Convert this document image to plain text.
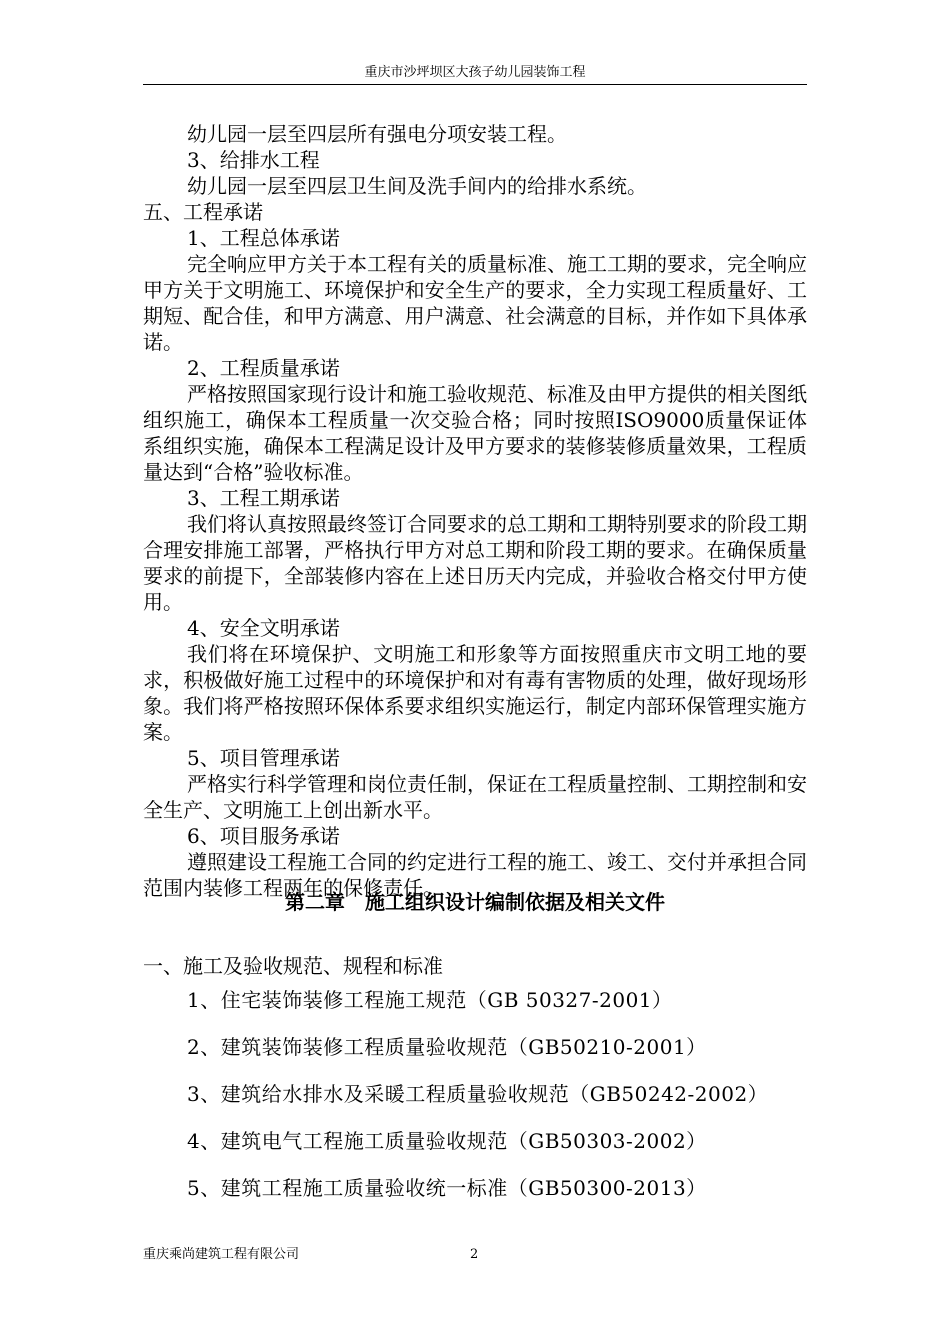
重庆市沙坪坝区大孩子幼儿园装饰工程

幼儿园一层至四层所有强电分项安装工程。

3、给排水工程

幼儿园一层至四层卫生间及洗手间内的给排水系统。

五、工程承诺

1、工程总体承诺

完全响应甲方关于本工程有关的质量标准、施工工期的要求，完全响应甲方关于文明施工、环境保护和安全生产的要求，全力实现工程质量好、工期短、配合佳，和甲方满意、用户满意、社会满意的目标，并作如下具体承诺。

2、工程质量承诺

严格按照国家现行设计和施工验收规范、标准及由甲方提供的相关图纸组织施工，确保本工程质量一次交验合格；同时按照ISO9000质量保证体系组织实施，确保本工程满足设计及甲方要求的装修装修质量效果，工程质量达到“合格”验收标准。

3、工程工期承诺

我们将认真按照最终签订合同要求的总工期和工期特别要求的阶段工期合理安排施工部署，严格执行甲方对总工期和阶段工期的要求。在确保质量要求的前提下，全部装修内容在上述日历天内完成，并验收合格交付甲方使用。

4、安全文明承诺

我们将在环境保护、文明施工和形象等方面按照重庆市文明工地的要求，积极做好施工过程中的环境保护和对有毒有害物质的处理，做好现场形象。我们将严格按照环保体系要求组织实施运行，制定内部环保管理实施方案。

5、项目管理承诺

严格实行科学管理和岗位责任制，保证在工程质量控制、工期控制和安全生产、文明施工上创出新水平。

6、项目服务承诺

遵照建设工程施工合同的约定进行工程的施工、竣工、交付并承担合同范围内装修工程两年的保修责任。

第二章　施工组织设计编制依据及相关文件
一、施工及验收规范、规程和标准

1、住宅装饰装修工程施工规范（GB 50327-2001）

2、建筑装饰装修工程质量验收规范（GB50210-2001）

3、建筑给水排水及采暖工程质量验收规范（GB50242-2002）

4、建筑电气工程施工质量验收规范（GB50303-2002）

5、建筑工程施工质量验收统一标准（GB50300-2013）

重庆乘尚建筑工程有限公司	2
